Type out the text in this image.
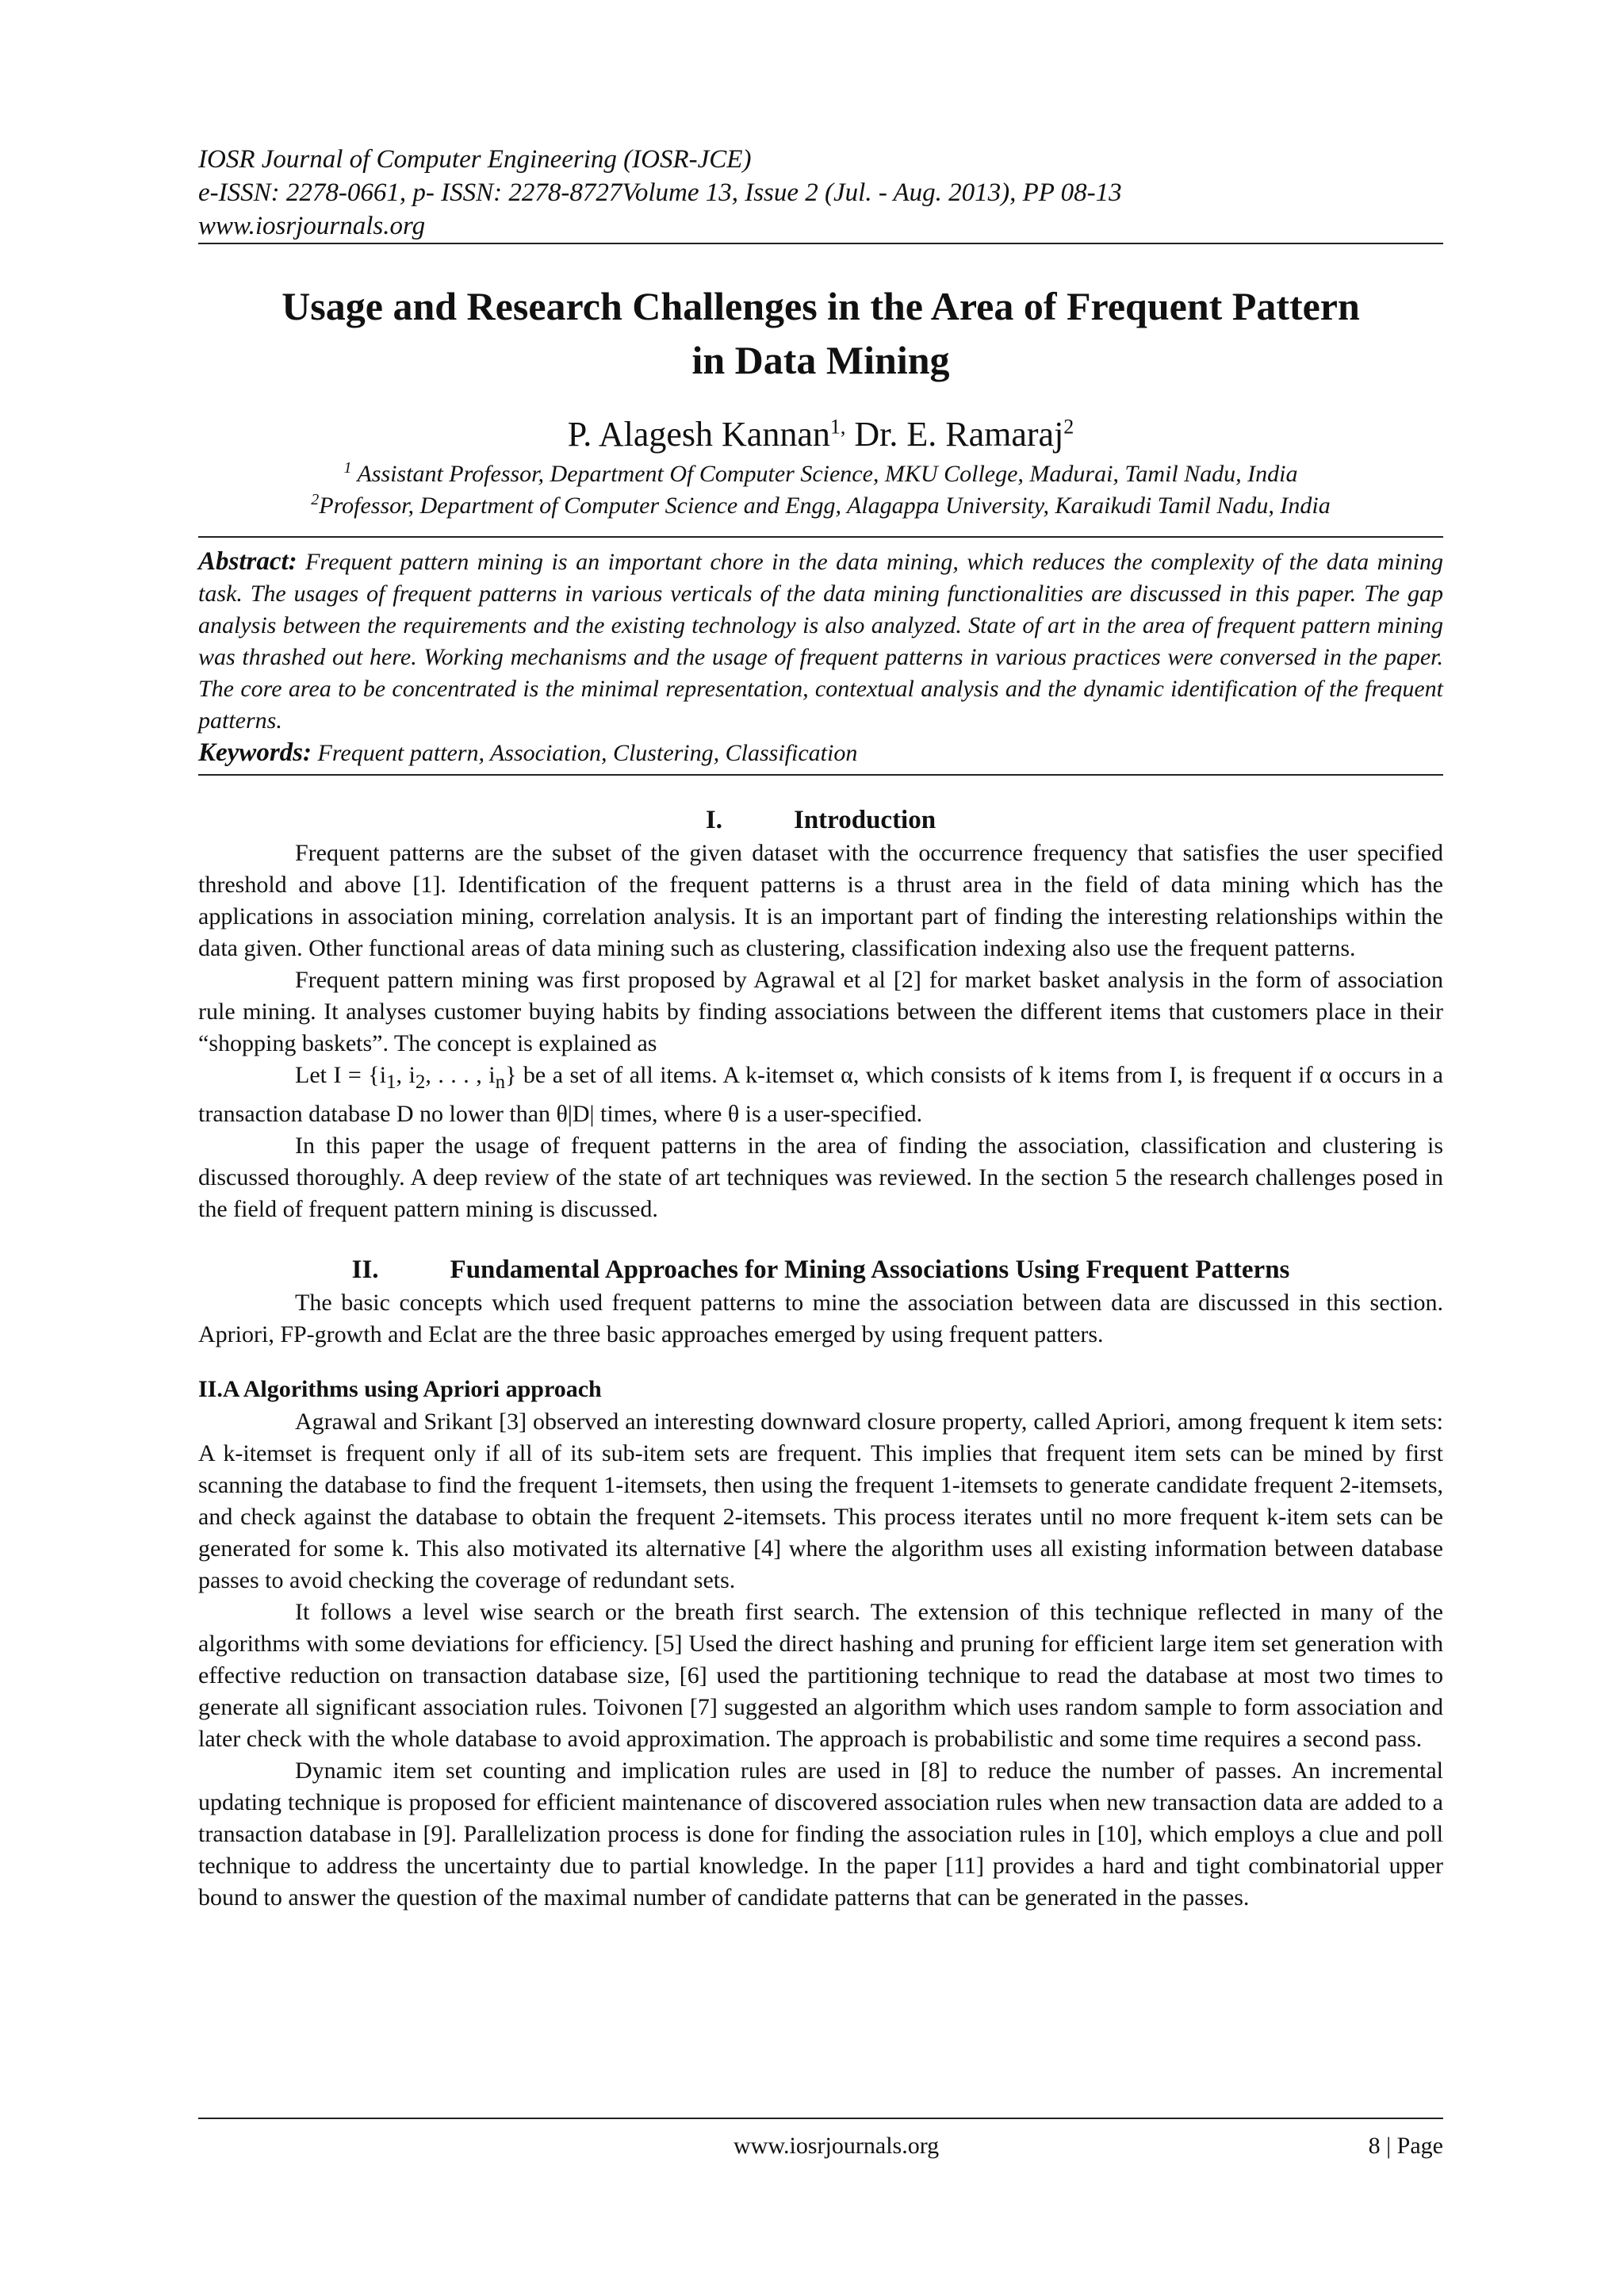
IOSR Journal of Computer Engineering (IOSR-JCE)
e-ISSN: 2278-0661, p- ISSN: 2278-8727Volume 13, Issue 2 (Jul. - Aug. 2013), PP 08-13
www.iosrjournals.org
Usage and Research Challenges in the Area of Frequent Pattern
in Data Mining
P. Alagesh Kannan$^{1,}$ Dr. E. Ramaraj$^2$
$^1$ Assistant Professor, Department Of Computer Science, MKU College, Madurai, Tamil Nadu, India
$^2$Professor, Department of Computer Science and Engg, Alagappa University, Karaikudi Tamil Nadu, India
Abstract: Frequent pattern mining is an important chore in the data mining, which reduces the complexity of the data mining task. The usages of frequent patterns in various verticals of the data mining functionalities are discussed in this paper. The gap analysis between the requirements and the existing technology is also analyzed. State of art in the area of frequent pattern mining was thrashed out here. Working mechanisms and the usage of frequent patterns in various practices were conversed in the paper. The core area to be concentrated is the minimal representation, contextual analysis and the dynamic identification of the frequent patterns.
Keywords: Frequent pattern, Association, Clustering, Classification
I.	Introduction

Frequent patterns are the subset of the given dataset with the occurrence frequency that satisfies the user specified threshold and above [1]. Identification of the frequent patterns is a thrust area in the field of data mining which has the applications in association mining, correlation analysis. It is an important part of finding the interesting relationships within the data given. Other functional areas of data mining such as clustering, classification indexing also use the frequent patterns.

Frequent pattern mining was first proposed by Agrawal et al [2] for market basket analysis in the form of association rule mining. It analyses customer buying habits by finding associations between the different items that customers place in their “shopping baskets”. The concept is explained as

Let $I = \{i_1$, $i_2$, . . . , $i_n$} be a set of all items. A k-itemset α, which consists of k items from I, is frequent if α occurs in a transaction database D no lower than θ|D| times, where θ is a user-specified.

In this paper the usage of frequent patterns in the area of finding the association, classification and clustering is discussed thoroughly. A deep review of the state of art techniques was reviewed. In the section 5 the research challenges posed in the field of frequent pattern mining is discussed.

II.	Fundamental Approaches for Mining Associations Using Frequent Patterns

The basic concepts which used frequent patterns to mine the association between data are discussed in this section. Apriori, FP-growth and Eclat are the three basic approaches emerged by using frequent patters.

II.A Algorithms using Apriori approach

Agrawal and Srikant [3] observed an interesting downward closure property, called Apriori, among frequent k item sets: A k-itemset is frequent only if all of its sub-item sets are frequent. This implies that frequent item sets can be mined by first scanning the database to find the frequent 1-itemsets, then using the frequent 1-itemsets to generate candidate frequent 2-itemsets, and check against the database to obtain the frequent 2-itemsets. This process iterates until no more frequent k-item sets can be generated for some k. This also motivated its alternative [4] where the algorithm uses all existing information between database passes to avoid checking the coverage of redundant sets.

It follows a level wise search or the breath first search. The extension of this technique reflected in many of the algorithms with some deviations for efficiency. [5] Used the direct hashing and pruning for efficient large item set generation with effective reduction on transaction database size, [6] used the partitioning technique to read the database at most two times to generate all significant association rules. Toivonen [7] suggested an algorithm which uses random sample to form association and later check with the whole database to avoid approximation. The approach is probabilistic and some time requires a second pass.

Dynamic item set counting and implication rules are used in [8] to reduce the number of passes. An incremental updating technique is proposed for efficient maintenance of discovered association rules when new transaction data are added to a transaction database in [9]. Parallelization process is done for finding the association rules in [10], which employs a clue and poll technique to address the uncertainty due to partial knowledge. In the paper [11] provides a hard and tight combinatorial upper bound to answer the question of the maximal number of candidate patterns that can be generated in the passes.

www.iosrjournals.org	8 | Page
